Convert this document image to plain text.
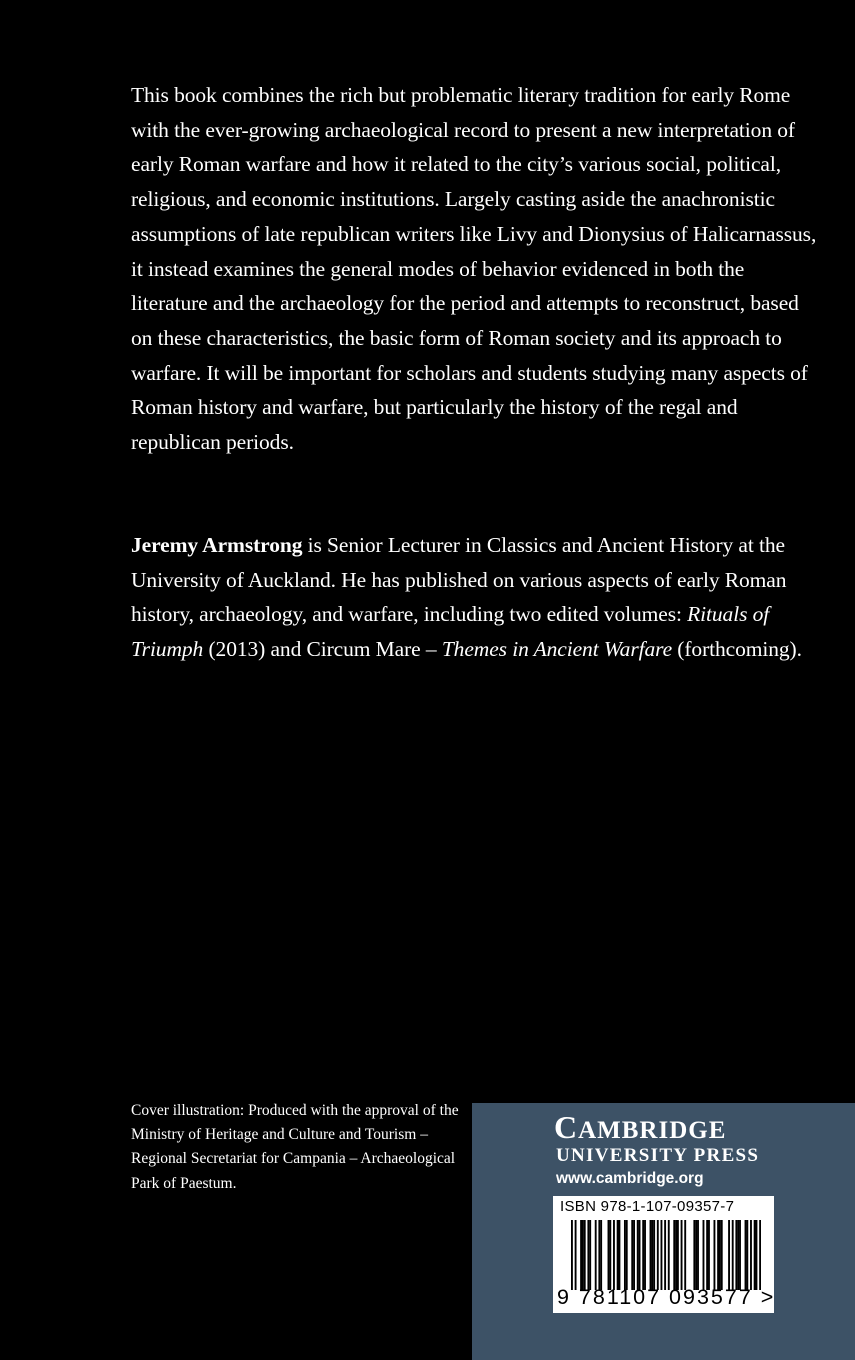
This book combines the rich but problematic literary tradition for early Rome with the ever-growing archaeological record to present a new interpretation of early Roman warfare and how it related to the city’s various social, political, religious, and economic institutions. Largely casting aside the anachronistic assumptions of late republican writers like Livy and Dionysius of Halicarnassus, it instead examines the general modes of behavior evidenced in both the literature and the archaeology for the period and attempts to reconstruct, based on these characteristics, the basic form of Roman society and its approach to warfare. It will be important for scholars and students studying many aspects of Roman history and warfare, but particularly the history of the regal and republican periods.

Jeremy Armstrong is Senior Lecturer in Classics and Ancient History at the University of Auckland. He has published on various aspects of early Roman history, archaeology, and warfare, including two edited volumes: Rituals of Triumph (2013) and Circum Mare – Themes in Ancient Warfare (forthcoming).

Cover illustration: Produced with the approval of the Ministry of Heritage and Culture and Tourism – Regional Secretariat for Campania – Archaeological Park of Paestum.

CAMBRIDGE
UNIVERSITY PRESS
www.cambridge.org
ISBN 978-1-107-09357-7
9 781107 093577 >
